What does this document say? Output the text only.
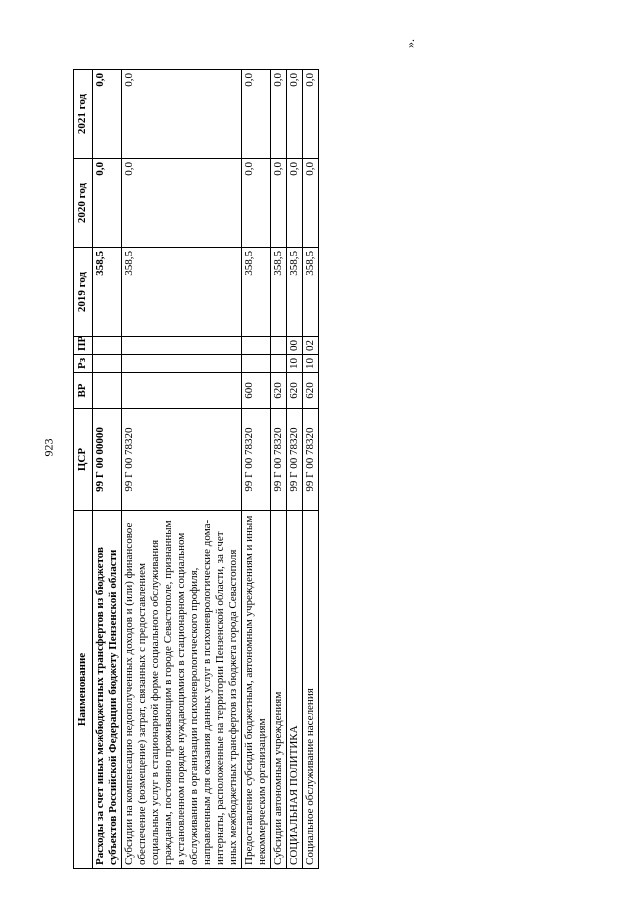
923
».
Наименование	ЦСР	ВР	Рз	ПР	2019 год	2020 год	2021 год
Расходы за счет иных межбюджетных трансфертов из бюджетов субъектов Российской Федерации бюджету Пензенской области	99 Г 00 00000				358,5	0,0	0,0
Субсидии на компенсацию недополученных доходов и (или) финансовое обеспечение (возмещение) затрат, связанных с предоставлением социальных услуг в стационарной форме социального обслуживания гражданам, постоянно проживающим в городе Севастополе, признанным в установленном порядке нуждающимися в стационарном социальном обслуживании в организации психоневрологического профиля, направленным для оказания данных услуг в психоневрологические дома-интернаты, расположенные на территории Пензенской области, за счет иных межбюджетных трансфертов из бюджета города Севастополя	99 Г 00 78320				358,5	0,0	0,0
Предоставление субсидий бюджетным, автономным учреждениям и иным некоммерческим организациям	99 Г 00 78320	600			358,5	0,0	0,0
Субсидии автономным учреждениям	99 Г 00 78320	620			358,5	0,0	0,0
СОЦИАЛЬНАЯ ПОЛИТИКА	99 Г 00 78320	620	10	00	358,5	0,0	0,0
Социальное обслуживание населения	99 Г 00 78320	620	10	02	358,5	0,0	0,0
